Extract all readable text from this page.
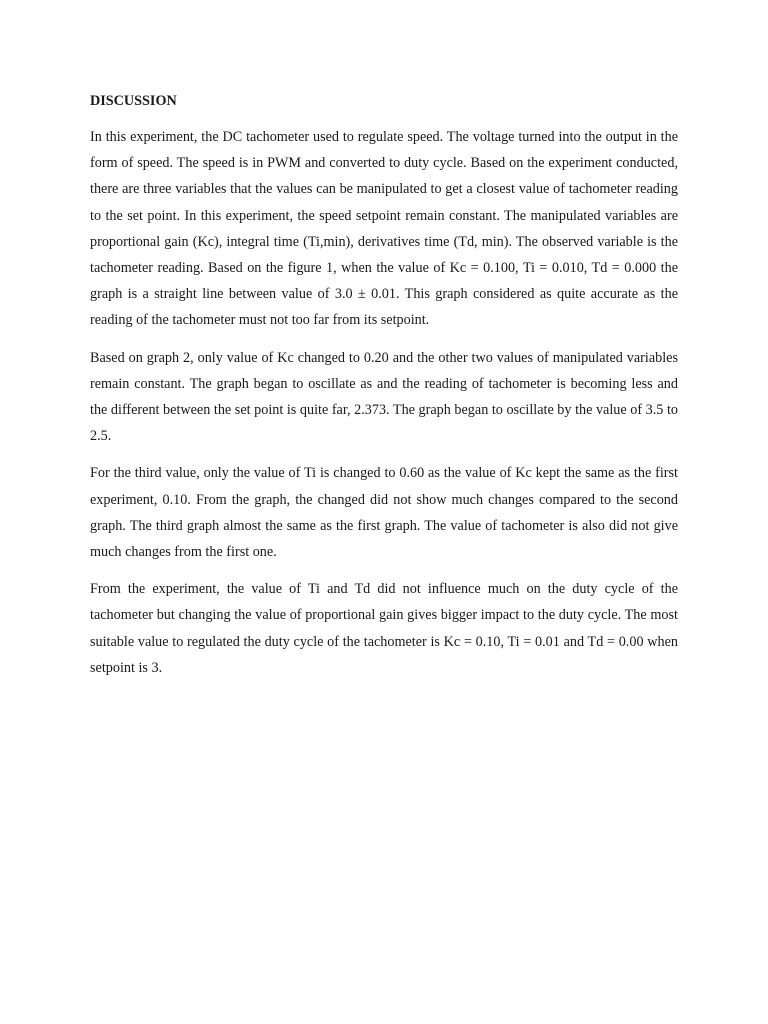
DISCUSSION

In this experiment, the DC tachometer used to regulate speed. The voltage turned into the output in the form of speed. The speed is in PWM and converted to duty cycle. Based on the experiment conducted, there are three variables that the values can be manipulated to get a closest value of tachometer reading to the set point. In this experiment, the speed setpoint remain constant. The manipulated variables are proportional gain (Kc), integral time (Ti,min), derivatives time (Td, min). The observed variable is the tachometer reading. Based on the figure 1, when the value of Kc = 0.100, Ti = 0.010, Td = 0.000 the graph is a straight line between value of 3.0 ± 0.01. This graph considered as quite accurate as the reading of the tachometer must not too far from its setpoint.

Based on graph 2, only value of Kc changed to 0.20 and the other two values of manipulated variables remain constant. The graph began to oscillate as and the reading of tachometer is becoming less and the different between the set point is quite far, 2.373. The graph began to oscillate by the value of 3.5 to 2.5.

For the third value, only the value of Ti is changed to 0.60 as the value of Kc kept the same as the first experiment, 0.10. From the graph, the changed did not show much changes compared to the second graph. The third graph almost the same as the first graph. The value of tachometer is also did not give much changes from the first one.

From the experiment, the value of Ti and Td did not influence much on the duty cycle of the tachometer but changing the value of proportional gain gives bigger impact to the duty cycle. The most suitable value to regulated the duty cycle of the tachometer is Kc = 0.10, Ti = 0.01 and Td = 0.00 when setpoint is 3.
